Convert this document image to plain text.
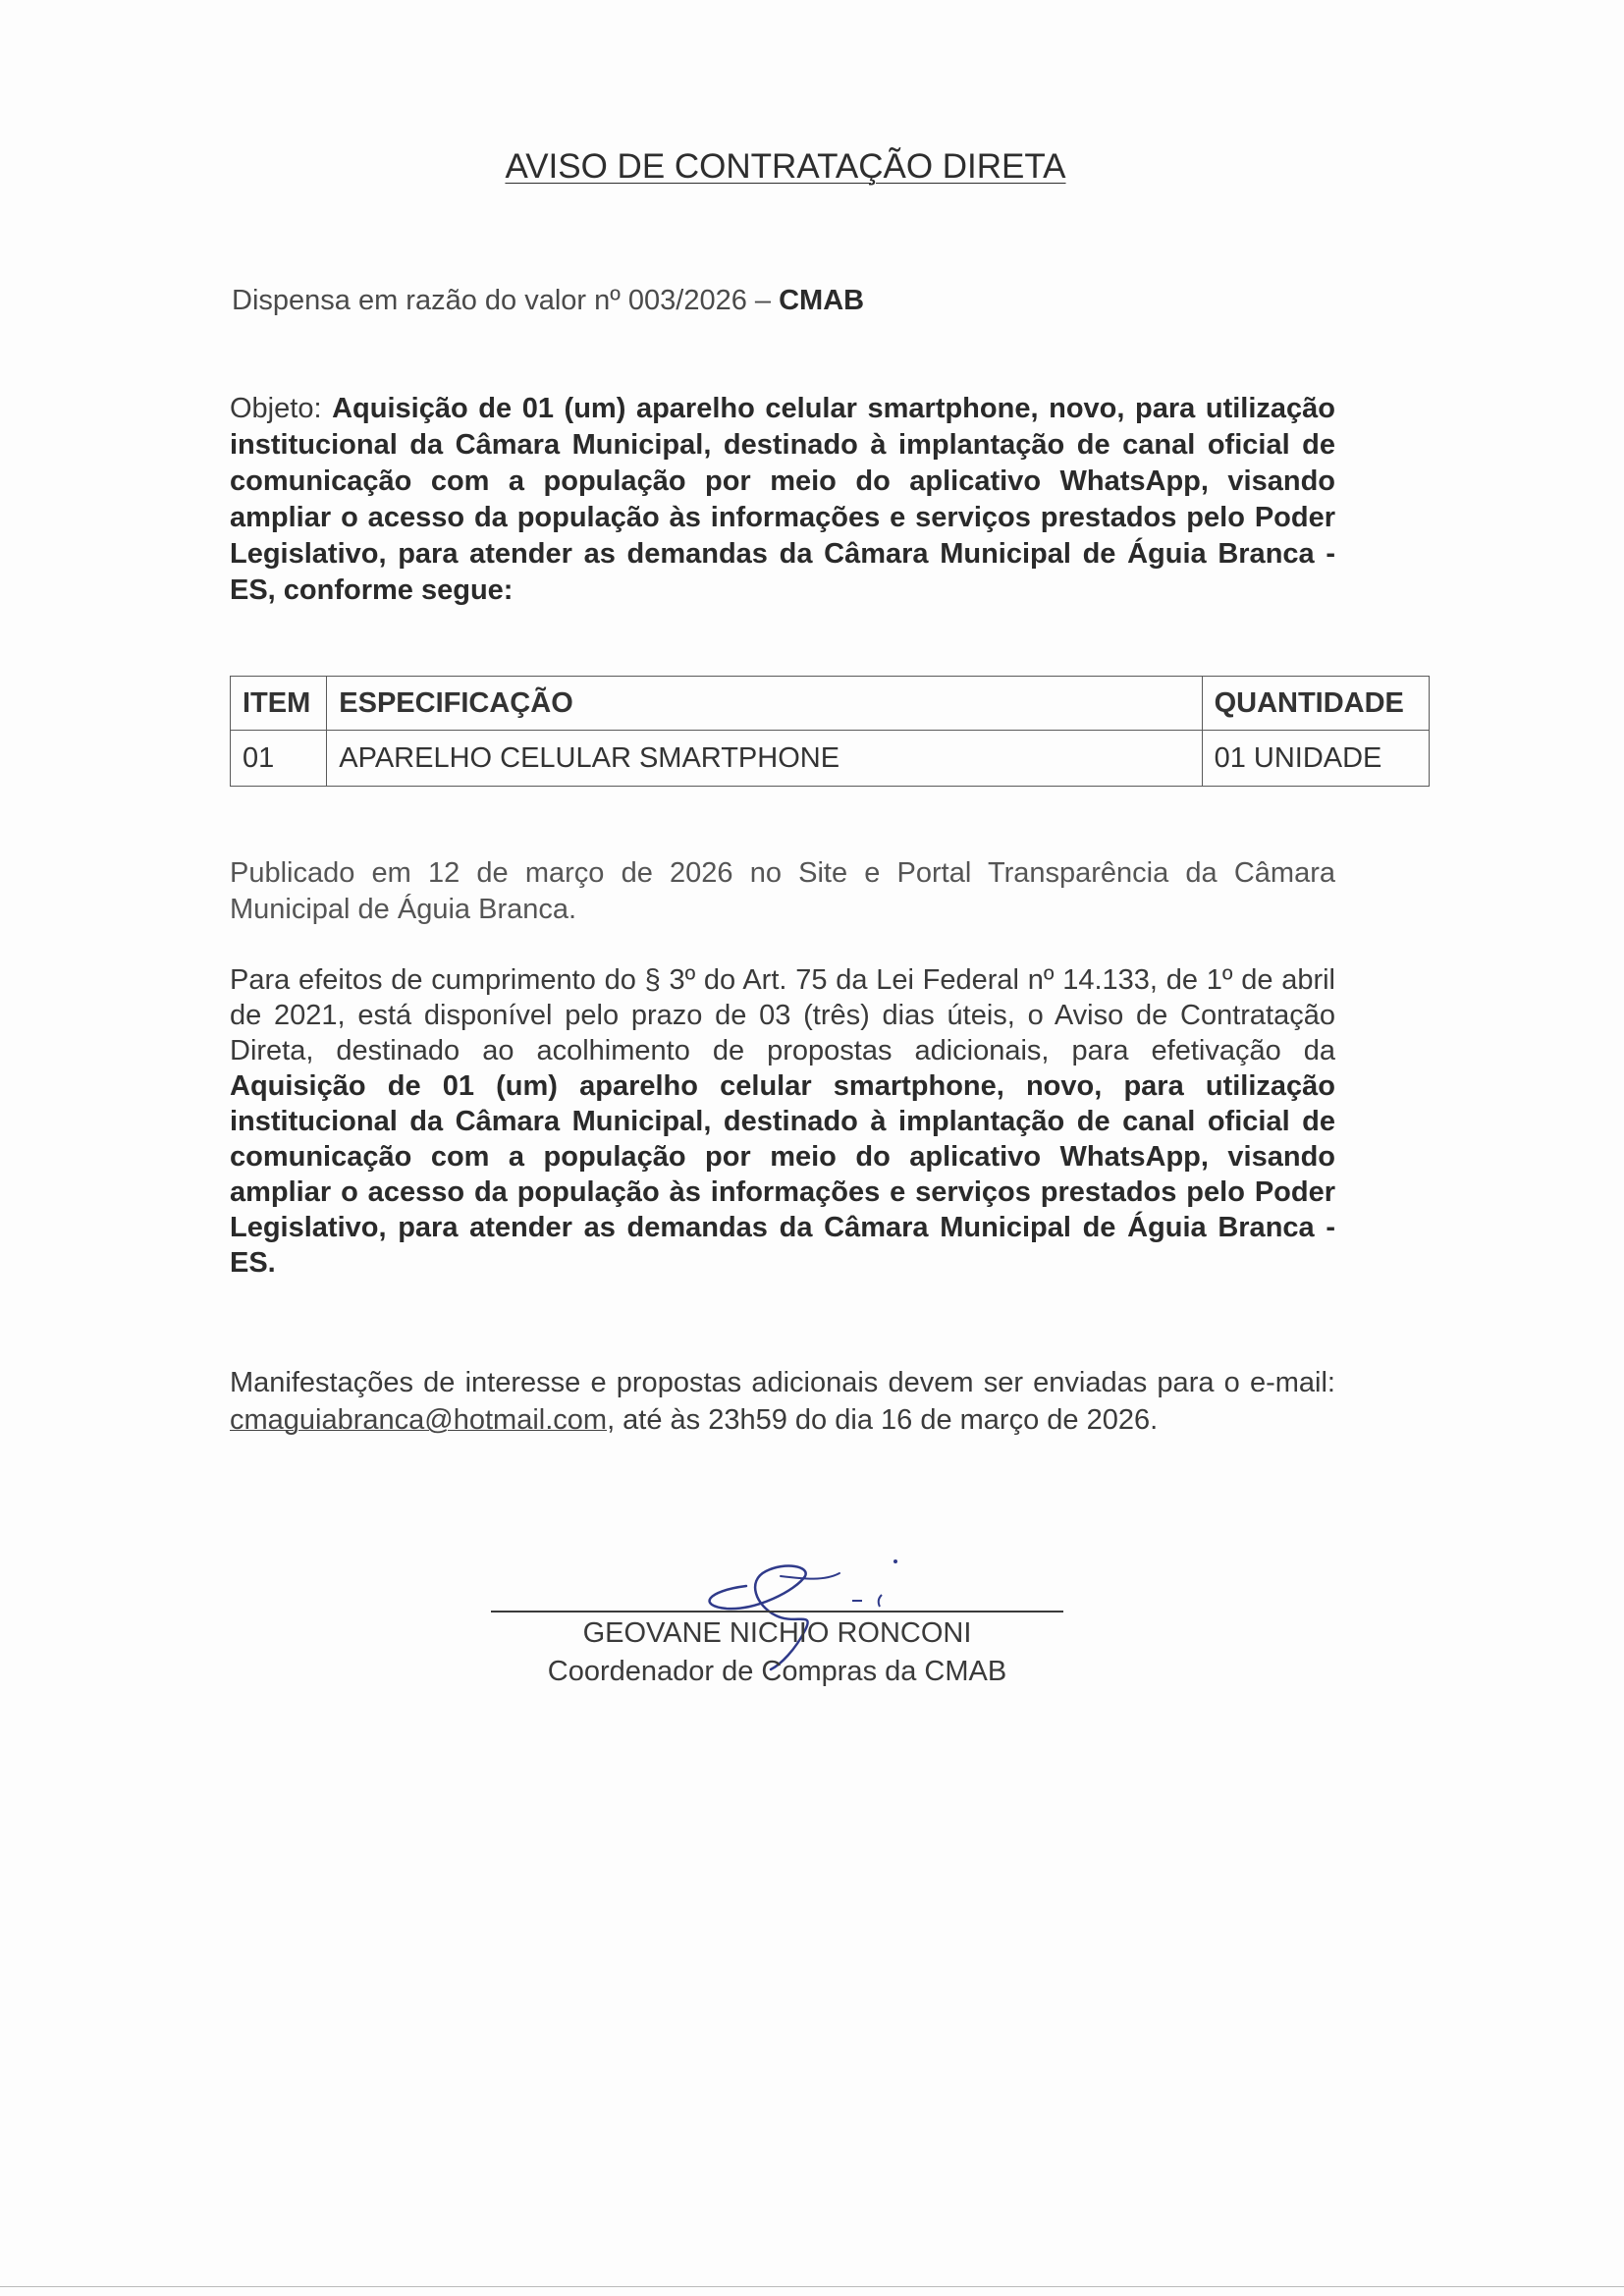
AVISO DE CONTRATAÇÃO DIRETA
Dispensa em razão do valor nº 003/2026 – CMAB
Objeto: Aquisição de 01 (um) aparelho celular smartphone, novo, para utilização institucional da Câmara Municipal, destinado à implantação de canal oficial de comunicação com a população por meio do aplicativo WhatsApp, visando ampliar o acesso da população às informações e serviços prestados pelo Poder Legislativo, para atender as demandas da Câmara Municipal de Águia Branca - ES, conforme segue:
ITEM	ESPECIFICAÇÃO	QUANTIDADE
01	APARELHO CELULAR SMARTPHONE	01 UNIDADE
Publicado em 12 de março de 2026 no Site e Portal Transparência da Câmara Municipal de Águia Branca.
Para efeitos de cumprimento do § 3º do Art. 75 da Lei Federal nº 14.133, de 1º de abril de 2021, está disponível pelo prazo de 03 (três) dias úteis, o Aviso de Contratação Direta, destinado ao acolhimento de propostas adicionais, para efetivação da Aquisição de 01 (um) aparelho celular smartphone, novo, para utilização institucional da Câmara Municipal, destinado à implantação de canal oficial de comunicação com a população por meio do aplicativo WhatsApp, visando ampliar o acesso da população às informações e serviços prestados pelo Poder Legislativo, para atender as demandas da Câmara Municipal de Águia Branca - ES.
Manifestações de interesse e propostas adicionais devem ser enviadas para o e-mail: cmaguiabranca@hotmail.com, até às 23h59 do dia 16 de março de 2026.
GEOVANE NICHIO RONCONI
Coordenador de Compras da CMAB
